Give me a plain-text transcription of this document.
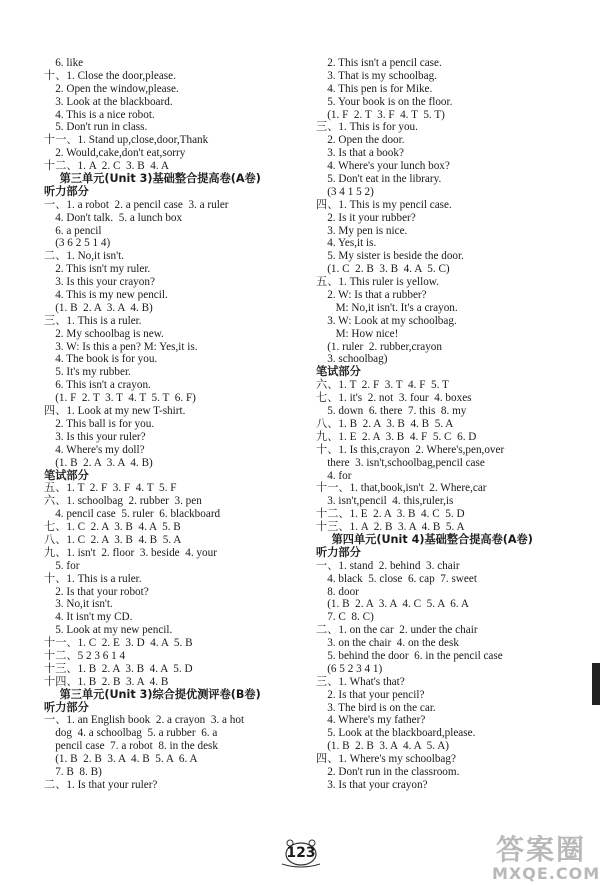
6. like
十、1. Close the door,please.
2. Open the window,please.
3. Look at the blackboard.
4. This is a nice robot.
5. Don't run in class.
十一、1. Stand up,close,door,Thank
2. Would,cake,don't eat,sorry
十二、1. A  2. C  3. B  4. A
第三单元(Unit 3)基础整合提高卷(A卷)
听力部分
一、1. a robot  2. a pencil case  3. a ruler
4. Don't talk.  5. a lunch box
6. a pencil
(3 6 2 5 1 4)
二、1. No,it isn't.
2. This isn't my ruler.
3. Is this your crayon?
4. This is my new pencil.
(1. B  2. A  3. A  4. B)
三、1. This is a ruler.
2. My schoolbag is new.
3. W: Is this a pen? M: Yes,it is.
4. The book is for you.
5. It's my rubber.
6. This isn't a crayon.
(1. F  2. T  3. T  4. T  5. T  6. F)
四、1. Look at my new T-shirt.
2. This ball is for you.
3. Is this your ruler?
4. Where's my doll?
(1. B  2. A  3. A  4. B)
笔试部分
五、1. T  2. F  3. F  4. T  5. F
六、1. schoolbag  2. rubber  3. pen
4. pencil case  5. ruler  6. blackboard
七、1. C  2. A  3. B  4. A  5. B
八、1. C  2. A  3. B  4. B  5. A
九、1. isn't  2. floor  3. beside  4. your
5. for
十、1. This is a ruler.
2. Is that your robot?
3. No,it isn't.
4. It isn't my CD.
5. Look at my new pencil.
十一、1. C  2. E  3. D  4. A  5. B
十二、5 2 3 6 1 4
十三、1. B  2. A  3. B  4. A  5. D
十四、1. B  2. B  3. A  4. B
第三单元(Unit 3)综合提优测评卷(B卷)
听力部分
一、1. an English book  2. a crayon  3. a hot
dog  4. a schoolbag  5. a rubber  6. a
pencil case  7. a robot  8. in the desk
(1. B  2. B  3. A  4. B  5. A  6. A
7. B  8. B)
二、1. Is that your ruler?
2. This isn't a pencil case.
3. That is my schoolbag.
4. This pen is for Mike.
5. Your book is on the floor.
(1. F  2. T  3. F  4. T  5. T)
三、1. This is for you.
2. Open the door.
3. Is that a book?
4. Where's your lunch box?
5. Don't eat in the library.
(3 4 1 5 2)
四、1. This is my pencil case.
2. Is it your rubber?
3. My pen is nice.
4. Yes,it is.
5. My sister is beside the door.
(1. C  2. B  3. B  4. A  5. C)
五、1. This ruler is yellow.
2. W: Is that a rubber?
M: No,it isn't. It's a crayon.
3. W: Look at my schoolbag.
M: How nice!
(1. ruler  2. rubber,crayon
3. schoolbag)
笔试部分
六、1. T  2. F  3. T  4. F  5. T
七、1. it's  2. not  3. four  4. boxes
5. down  6. there  7. this  8. my
八、1. B  2. A  3. B  4. B  5. A
九、1. E  2. A  3. B  4. F  5. C  6. D
十、1. Is this,crayon  2. Where's,pen,over
there  3. isn't,schoolbag,pencil case
4. for
十一、1. that,book,isn't  2. Where,car
3. isn't,pencil  4. this,ruler,is
十二、1. E  2. A  3. B  4. C  5. D
十三、1. A  2. B  3. A  4. B  5. A
第四单元(Unit 4)基础整合提高卷(A卷)
听力部分
一、1. stand  2. behind  3. chair
4. black  5. close  6. cap  7. sweet
8. door
(1. B  2. A  3. A  4. C  5. A  6. A
7. C  8. C)
二、1. on the car  2. under the chair
3. on the chair  4. on the desk
5. behind the door  6. in the pencil case
(6 5 2 3 4 1)
三、1. What's that?
2. Is that your pencil?
3. The bird is on the car.
4. Where's my father?
5. Look at the blackboard,please.
(1. B  2. B  3. A  4. A  5. A)
四、1. Where's my schoolbag?
2. Don't run in the classroom.
3. Is that your crayon?
123	答案圈
MXQE.COM
